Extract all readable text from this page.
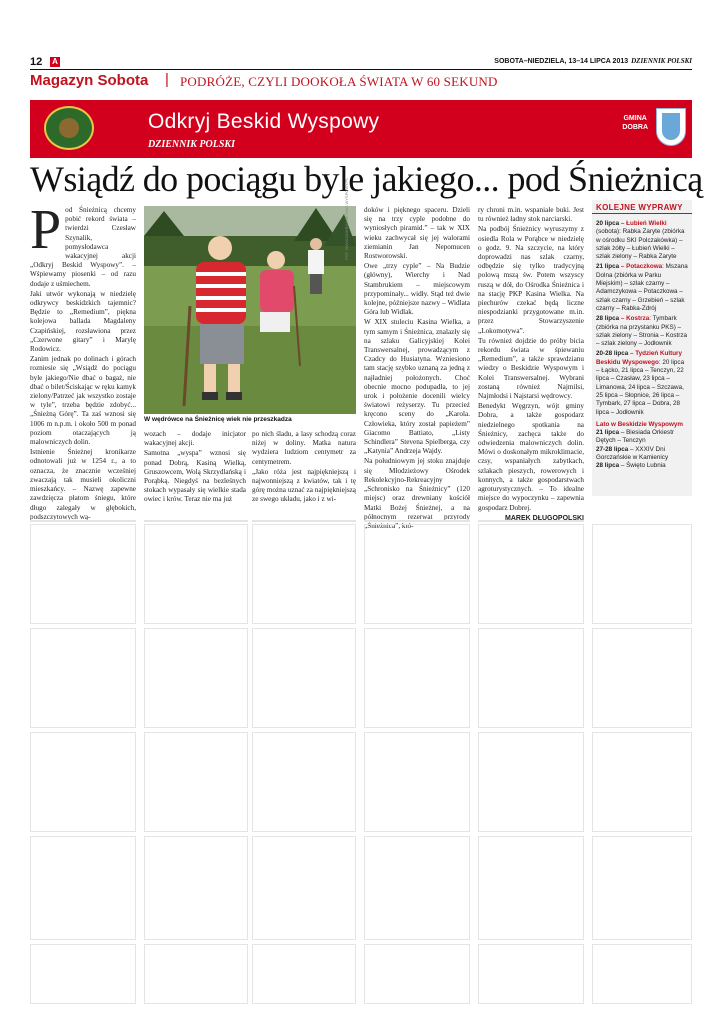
12 A	SOBOTA–NIEDZIELA, 13–14 LIPCA 2013 DZIENNIK POLSKI
Magazyn Sobota | PODRÓŻE, CZYLI DOOKOŁA ŚWIATA W 60 SEKUND
Odkryj Beskid Wyspowy
DZIENNIK POLSKI
GMINA
DOBRA
Wsiądź do pociągu byle jakiego... pod Śnieżnicą
P od Śnieżnicą chcemy pobić rekord świata – twierdzi Czesław Szynalik, pomysłodawca wakacyjnej akcji „Odkryj Beskid Wyspowy”. – Wśpiewamy piosenki – od razu dodaje z uśmiechem.

Jaki utwór wykonają w niedzielę odkrywcy beskidzkich tajemnic? Będzie to „Remedium”, piękna kolejowa ballada Magdaleny Czapińskiej, rozsławiona przez „Czerwone gitary” i Marylę Rodowicz.

Zanim jednak po dolinach i górach rozniesie się „Wsiądź do pociągu byle jakiego/Nie dbać o bagaż, nie dbać o bilet/Ściskając w ręku kamyk zielony/Patrzeć jak wszystko zostaje w tyle”, trzeba będzie zdobyć... „Śnieżną Górę”. Ta zaś wznosi się 1006 m n.p.m. i około 500 m ponad poziom otaczających ją malowniczych dolin.

Istnienie Śnieżnej kronikarze odnotowali już w 1254 r., a to oznacza, że znacznie wcześniej zwaczają tak musieli okoliczni mieszkańcy. – Nazwę zapewne zawdzięcza płatom śniegu, które długo zalegały w głębokich, podszczytowych wą-

FOT. WWW.ODKRYJ-BESKID-WYSPOWY.PL
W wędrówce na Śnieżnicę wiek nie przeszkadza

wozach – dodaje inicjator wakacyjnej akcji.

Samotna „wyspa” wznosi się ponad Dobrą, Kasiną Wielką, Gruszowcem, Wolą Skrzydlańską i Porąbką. Niegdyś na bezleśnych stokach wypasały się wielkie stada owiec i krów. Teraz nie ma już

po nich śladu, a lasy schodzą coraz niżej w doliny. Matka natura wydziera ludziom centymetr za centymetrem.

„Jako róża jest najpiękniejszą i najwonniejszą z kwiatów, tak i tę górę można uznać za najpiękniejszą ze swego układu, jako i z wi-

doków i pięknego spaceru. Dzieli się na trzy cyple podobne do wyniosłych piramid.” – tak w XIX wieku zachwycał się jej walorami ziemianin Jan Nepomucen Rostworowski.

Owe „trzy cyple” – Na Budzie (główny), Wierchy i Nad Stambrukiem – miejscowym przypominały... widły. Stąd też dwie kolejne, późniejsze nazwy – Widlata Góra lub Widlak.

W XIX stuleciu Kasina Wielka, a tym samym i Śnieżnica, znalazły się na szlaku Galicyjskiej Kolei Transwersalnej, prowadzącym z Czadcy do Husiatyna. Wzniesiono tam stację szybko uznaną za jedną z najładniej położonych. Choć obecnie mocno podupadła, to jej urok i położenie docenili wielcy światowi reżyserzy. Tu przecież kręcono sceny do „Karola. Człowieka, który został papieżem” Giacomo Battiato, „Listy Schindlera” Stevena Spielberga, czy „Katynia” Andrzeja Wajdy.

Na południowym jej stoku znajduje się Młodzieżowy Ośrodek Rekolekcyjno-Rekreacyjny „Schronisko na Śnieżnicy” (120 miejsc) oraz drewniany kościół Matki Bożej Śnieżnej, a na północnym rezerwat przyrody „Śnieżnica”, któ-

ry chroni m.in. wspaniałe buki. Jest tu również ładny stok narciarski.

Na podbój Śnieżnicy wyruszymy z osiedla Rola w Porąbce w niedzielę o godz. 9. Na szczycie, na który doprowadzi nas szlak czarny, odbędzie się tylko tradycyjną polową mszą św. Potem wszyscy ruszą w dół, do Ośrodka Śnieżnica i na stację PKP Kasina Wielka. Na piechurów czekać będą liczne niespodzianki przygotowane m.in. przez Stowarzyszenie „Lokomotywa”.

Tu również dojdzie do próby bicia rekordu świata w śpiewaniu „Remedium”, a także sprawdzianu wiedzy o Beskidzie Wyspowym i Kolei Transwersalnej. Wybrani zostaną również Najmilsi, Najmłodsi i Najstarsi wędrowcy.

Benedykt Węgrzyn, wójt gminy Dobra, a także gospodarz niedzielnego spotkania na Śnieżnicy, zachęca także do odwiedzenia malowniczych dolin. Mówi o doskonałym mikroklimacie, czsy, wspaniałych zabytkach, szlakach pieszych, rowerowych i konnych, a także gospodarstwach agroturystycznych. – To idealne miejsce do wypoczynku – zapewnia gospodarz Dobrej.

MAREK DŁUGOPOLSKI
KOLEJNE WYPRAWY

20 lipca – Łubień Wielki (sobota): Rabka Zaryte (zbiórka w ośrodku SKI Polczakówka) – szlak żółty – Łubień Wielki – szlak zielony – Rabka Zaryte

21 lipca – Potaczkowa: Mszana Dolna (zbiórka w Parku Miejskim) – szlak czarny – Adamczykowa – Potaczkowa – szlak czarny – Grzebień – szlak czarny – Rabka-Zdrój

28 lipca – Kostrza: Tymbark (zbiórka na przystanku PKS) – szlak zielony – Stronia – Kostrza – szlak zielony – Jodłownik

20-28 lipca – Tydzień Kultury Beskidu Wyspowego: 20 lipca – Łącko, 21 lipca – Tenczyn, 22 lipca – Czasław, 23 lipca – Limanowa, 24 lipca – Szczawa, 25 lipca – Słopnice, 26 lipca – Tymbark, 27 lipca – Dobra, 28 lipca – Jodłownik

Lato w Beskidzie Wyspowym

21 lipca – Biesiada Orkiestr Dętych – Tenczyn

27-28 lipca – XXXIV Dni Gorczańskie w Kamienicy

28 lipca – Święto Lubnia
